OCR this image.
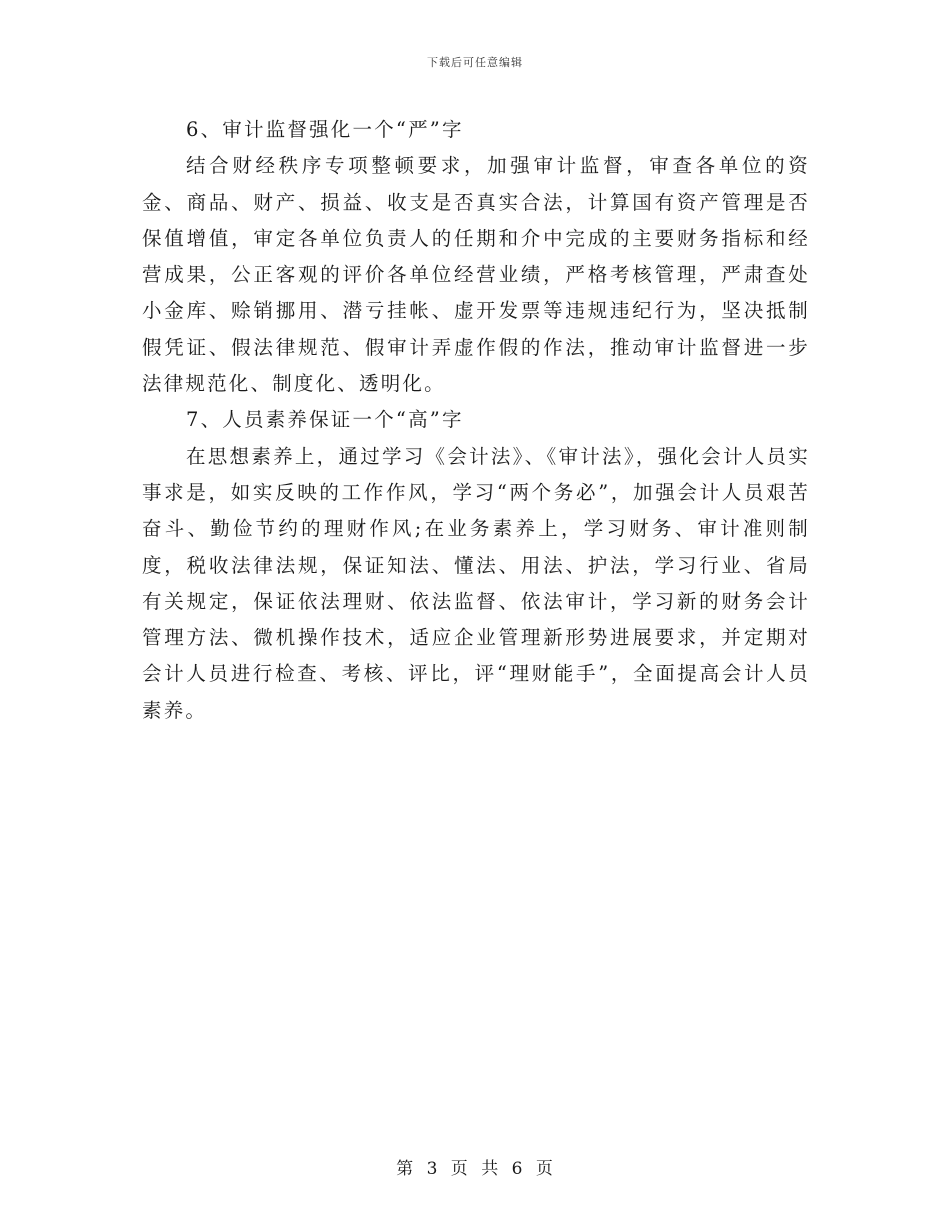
下载后可任意编辑

6、审计监督强化一个“严”字

结合财经秩序专项整顿要求，加强审计监督，审查各单位的资金、商品、财产、损益、收支是否真实合法，计算国有资产管理是否保值增值，审定各单位负责人的任期和介中完成的主要财务指标和经营成果，公正客观的评价各单位经营业绩，严格考核管理，严肃查处小金库、赊销挪用、潜亏挂帐、虚开发票等违规违纪行为，坚决抵制假凭证、假法律规范、假审计弄虚作假的作法，推动审计监督进一步法律规范化、制度化、透明化。

7、人员素养保证一个“高”字

在思想素养上，通过学习《会计法》、《审计法》，强化会计人员实事求是，如实反映的工作作风，学习“两个务必”，加强会计人员艰苦奋斗、勤俭节约的理财作风;在业务素养上，学习财务、审计准则制度，税收法律法规，保证知法、懂法、用法、护法，学习行业、省局有关规定，保证依法理财、依法监督、依法审计，学习新的财务会计管理方法、微机操作技术，适应企业管理新形势进展要求，并定期对会计人员进行检查、考核、评比，评“理财能手”，全面提高会计人员素养。

第 3 页 共 6 页
